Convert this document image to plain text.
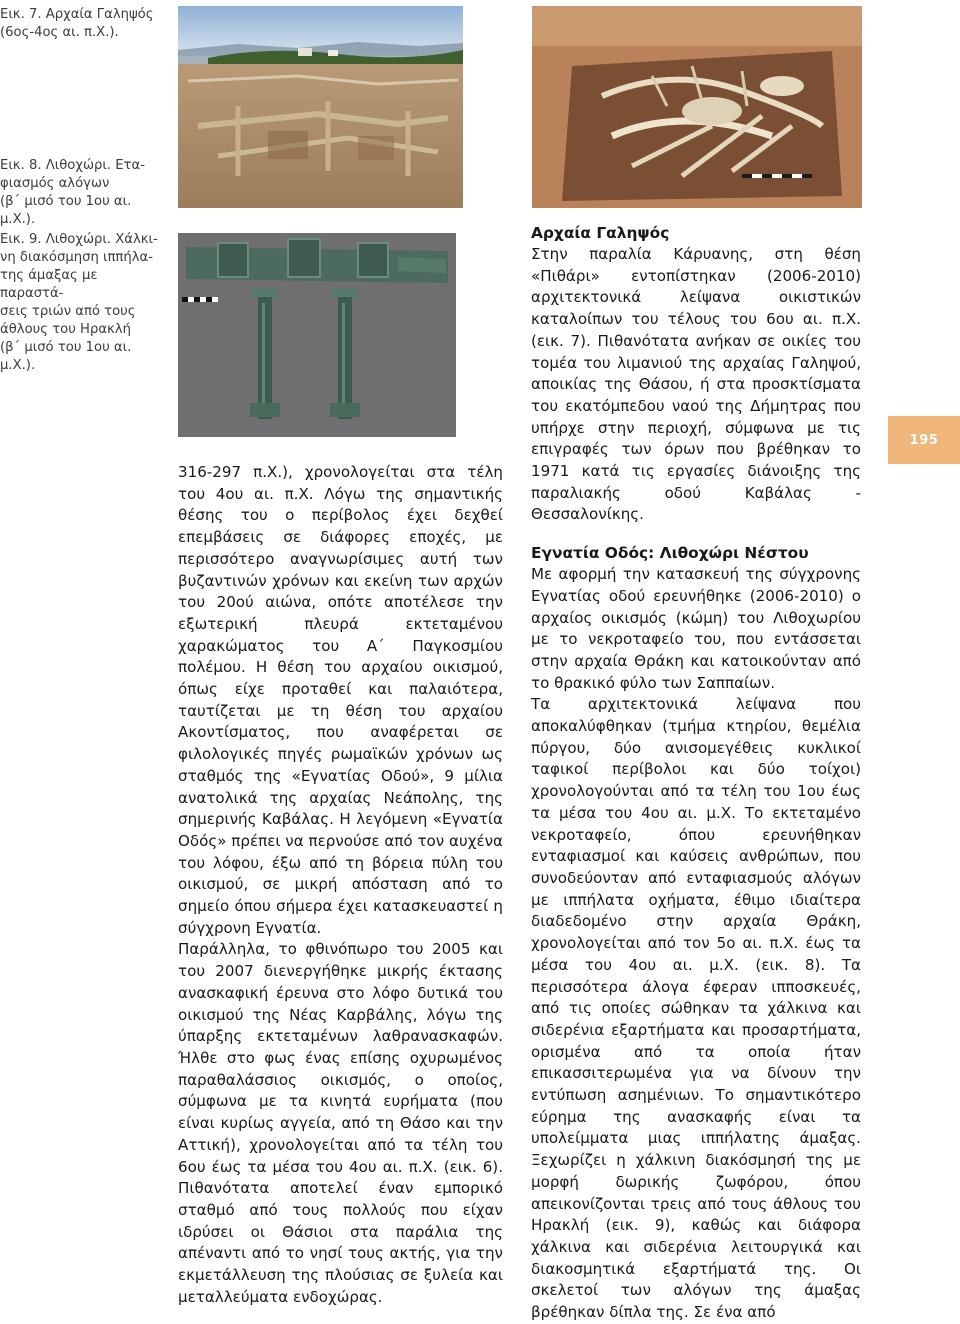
Εικ. 7. Αρχαία Γαληψός
(6ος-4ος αι. π.Χ.).

Εικ. 8. Λιθοχώρι. Ετα-
φιασμός αλόγων
(β΄ μισό του 1ου αι. μ.Χ.).

Εικ. 9. Λιθοχώρι. Χάλκι-
νη διακόσμηση ιππήλα-
της άμαξας με παραστά-
σεις τριών από τους
άθλους του Ηρακλή
(β΄ μισό του 1ου αι. μ.Χ.).

316-297 π.Χ.), χρονολογείται στα τέλη του 4ου αι. π.Χ. Λόγω της σημαντικής θέσης του ο περίβολος έχει δεχθεί επεμβάσεις σε διάφορες εποχές, με περισσότερο αναγνωρίσιμες αυτή των βυζαντινών χρόνων και εκείνη των αρχών του 20ού αιώνα, οπότε αποτέλεσε την εξωτερική πλευρά εκτεταμένου χαρακώματος του Α΄ Παγκοσμίου πολέμου. Η θέση του αρχαίου οικισμού, όπως είχε προταθεί και παλαιότερα, ταυτίζεται με τη θέση του αρχαίου Ακοντίσματος, που αναφέρεται σε φιλολογικές πηγές ρωμαϊκών χρόνων ως σταθμός της «Εγνατίας Οδού», 9 μίλια ανατολικά της αρχαίας Νεάπολης, της σημερινής Καβάλας. Η λεγόμενη «Εγνατία Οδός» πρέπει να περνούσε από τον αυχένα του λόφου, έξω από τη βόρεια πύλη του οικισμού, σε μικρή απόσταση από το σημείο όπου σήμερα έχει κατασκευαστεί η σύγχρονη Εγνατία.

Παράλληλα, το φθινόπωρο του 2005 και του 2007 διενεργήθηκε μικρής έκτασης ανασκαφική έρευνα στο λόφο δυτικά του οικισμού της Νέας Καρβάλης, λόγω της ύπαρξης εκτεταμένων λαθρανασκαφών. Ήλθε στο φως ένας επίσης οχυρωμένος παραθαλάσσιος οικισμός, ο οποίος, σύμφωνα με τα κινητά ευρήματα (που είναι κυρίως αγγεία, από τη Θάσο και την Αττική), χρονολογείται από τα τέλη του 6ου έως τα μέσα του 4ου αι. π.Χ. (εικ. 6). Πιθανότατα αποτελεί έναν εμπορικό σταθμό από τους πολλούς που είχαν ιδρύσει οι Θάσιοι στα παράλια της απέναντι από το νησί τους ακτής, για την εκμετάλλευση της πλούσιας σε ξυλεία και μεταλλεύματα ενδοχώρας.

Αρχαία Γαληψός

Στην παραλία Κάρυανης, στη θέση «Πιθάρι» εντοπίστηκαν (2006-2010) αρχιτεκτονικά λείψανα οικιστικών καταλοίπων του τέλους του 6ου αι. π.Χ. (εικ. 7). Πιθανότατα ανήκαν σε οικίες του τομέα του λιμανιού της αρχαίας Γαληψού, αποικίας της Θάσου, ή στα προσκτίσματα του εκατόμπεδου ναού της Δήμητρας που υπήρχε στην περιοχή, σύμφωνα με τις επιγραφές των όρων που βρέθηκαν το 1971 κατά τις εργασίες διάνοιξης της παραλιακής οδού Καβάλας - Θεσσαλονίκης.

Εγνατία Οδός: Λιθοχώρι Νέστου

Με αφορμή την κατασκευή της σύγχρονης Εγνατίας οδού ερευνήθηκε (2006-2010) ο αρχαίος οικισμός (κώμη) του Λιθοχωρίου με το νεκροταφείο του, που εντάσσεται στην αρχαία Θράκη και κατοικούνταν από το θρακικό φύλο των Σαππαίων.

Τα αρχιτεκτονικά λείψανα που αποκαλύφθηκαν (τμήμα κτηρίου, θεμέλια πύργου, δύο ανισομεγέθεις κυκλικοί ταφικοί περίβολοι και δύο τοίχοι) χρονολογούνται από τα τέλη του 1ου έως τα μέσα του 4ου αι. μ.Χ. Το εκτεταμένο νεκροταφείο, όπου ερευνήθηκαν ενταφιασμοί και καύσεις ανθρώπων, που συνοδεύονταν από ενταφιασμούς αλόγων με ιππήλατα οχήματα, έθιμο ιδιαίτερα διαδεδομένο στην αρχαία Θράκη, χρονολογείται από τον 5ο αι. π.Χ. έως τα μέσα του 4ου αι. μ.Χ. (εικ. 8). Τα περισσότερα άλογα έφεραν ιπποσκευές, από τις οποίες σώθηκαν τα χάλκινα και σιδερένια εξαρτήματα και προσαρτήματα, ορισμένα από τα οποία ήταν επικασσιτερωμένα για να δίνουν την εντύπωση ασημένιων. Το σημαντικότερο εύρημα της ανασκαφής είναι τα υπολείμματα μιας ιππήλατης άμαξας. Ξεχωρίζει η χάλκινη διακόσμησή της με μορφή δωρικής ζωφόρου, όπου απεικονίζονται τρεις από τους άθλους του Ηρακλή (εικ. 9), καθώς και διάφορα χάλκινα και σιδερένια λειτουργικά και διακοσμητικά εξαρτήματά της. Οι σκελετοί των αλόγων της άμαξας βρέθηκαν δίπλα της. Σε ένα από

195
